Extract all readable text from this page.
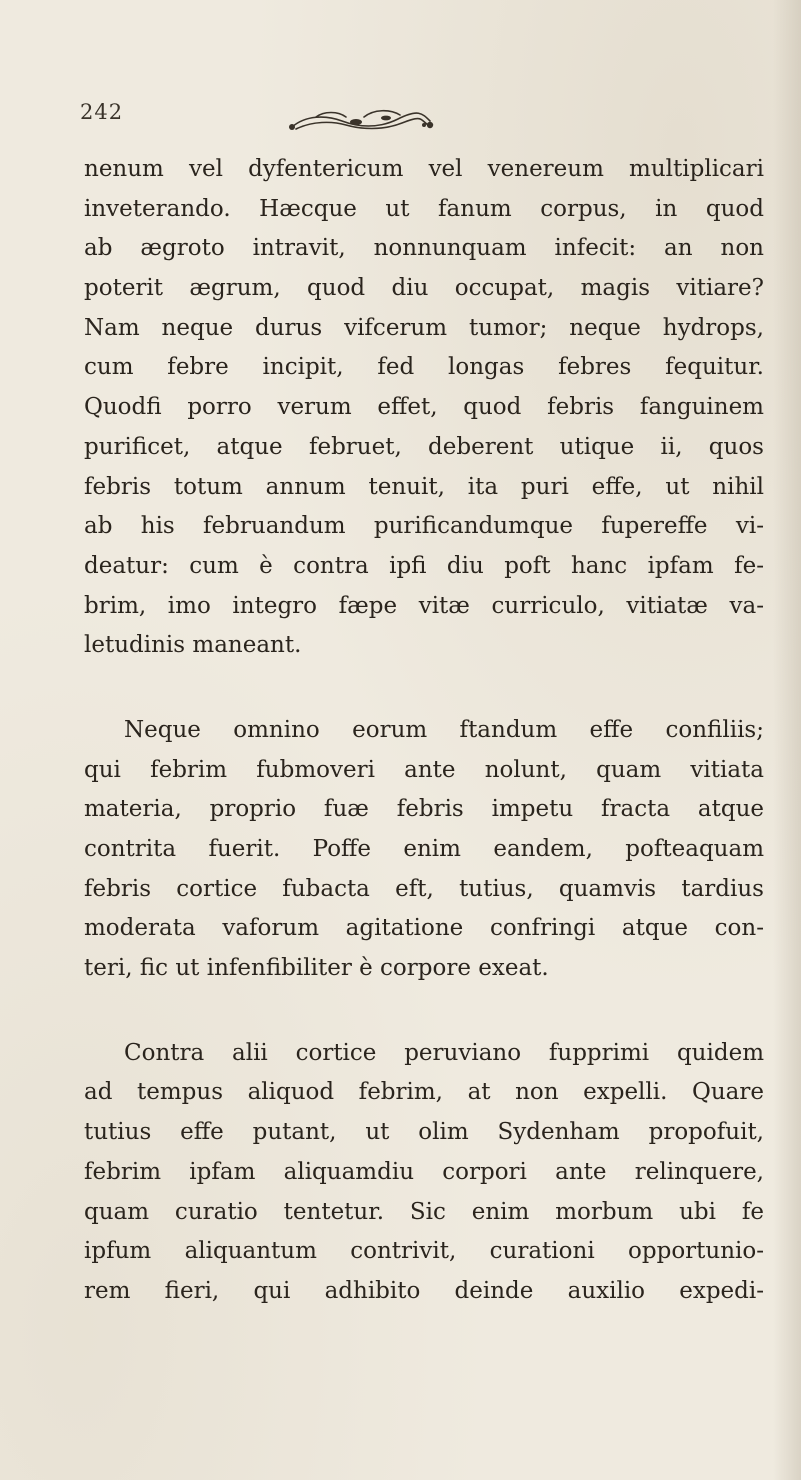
242
nenum vel dyfentericum vel venereum multiplicari
inveterando. Hæcque ut fanum corpus, in quod
ab ægroto intravit, nonnunquam infecit: an non
poterit ægrum, quod diu occupat, magis vitiare?
Nam neque durus vifcerum tumor; neque hydrops,
cum febre incipit, fed longas febres fequitur.
Quodfi porro verum effet, quod febris fanguinem
purificet, atque februet, deberent utique ii, quos
febris totum annum tenuit, ita puri effe, ut nihil
ab his februandum purificandumque fupereffe vi-
deatur: cum è contra ipfi diu poft hanc ipfam fe-
brim, imo integro fæpe vitæ curriculo, vitiatæ va-
letudinis maneant.
Neque omnino eorum ftandum effe confiliis;
qui febrim fubmoveri ante nolunt, quam vitiata
materia, proprio fuæ febris impetu fracta atque
contrita fuerit. Poffe enim eandem, pofteaquam
febris cortice fubacta eft, tutius, quamvis tardius
moderata vaforum agitatione confringi atque con-
teri, fic ut infenfibiliter è corpore exeat.
Contra alii cortice peruviano fupprimi quidem
ad tempus aliquod febrim, at non expelli. Quare
tutius effe putant, ut olim Sydenham propofuit,
febrim ipfam aliquamdiu corpori ante relinquere,
quam curatio tentetur. Sic enim morbum ubi fe
ipfum aliquantum contrivit, curationi opportunio-
rem fieri, qui adhibito deinde auxilio expedi-
